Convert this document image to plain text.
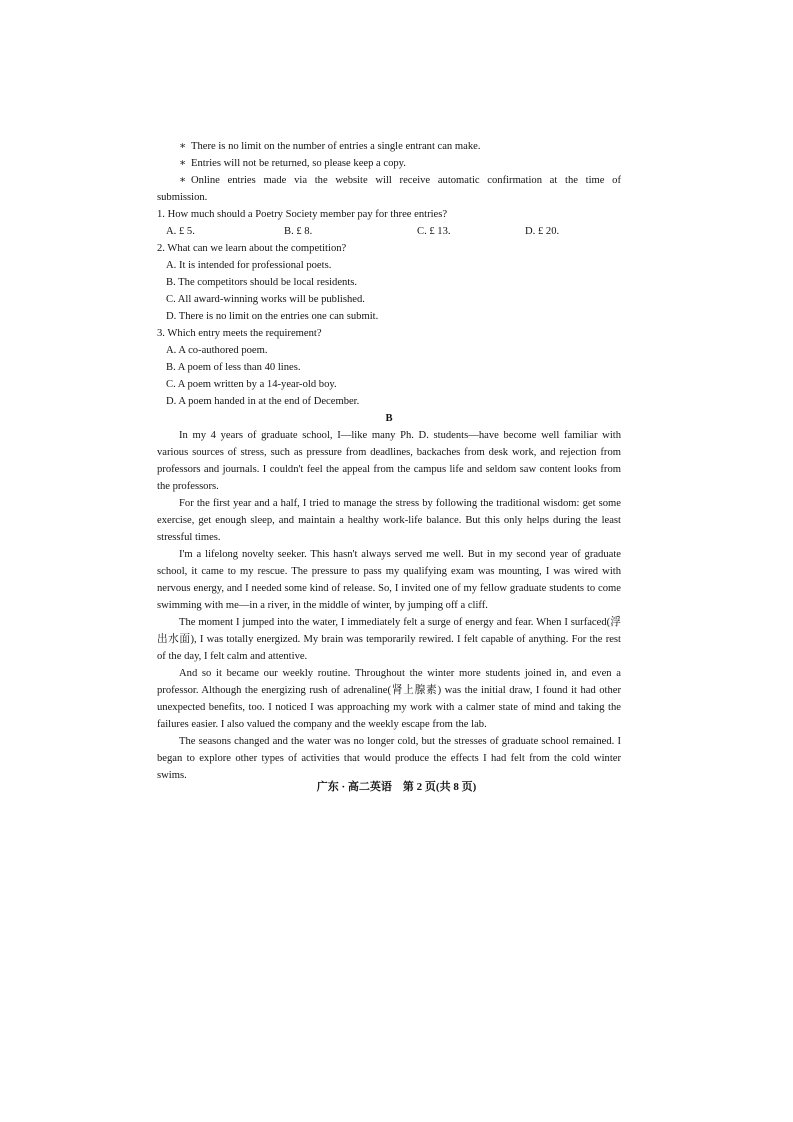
∗ There is no limit on the number of entries a single entrant can make.
∗ Entries will not be returned, so please keep a copy.
∗ Online entries made via the website will receive automatic confirmation at the time of
submission.
1. How much should a Poetry Society member pay for three entries?
A. £ 5.	B. £ 8.	C. £ 13.	D. £ 20.
2. What can we learn about the competition?
A. It is intended for professional poets.
B. The competitors should be local residents.
C. All award-winning works will be published.
D. There is no limit on the entries one can submit.
3. Which entry meets the requirement?
A. A co-authored poem.
B. A poem of less than 40 lines.
C. A poem written by a 14-year-old boy.
D. A poem handed in at the end of December.
B

In my 4 years of graduate school, I—like many Ph. D. students—have become well familiar with various sources of stress, such as pressure from deadlines, backaches from desk work, and rejection from professors and journals. I couldn't feel the appeal from the campus life and seldom saw content looks from the professors.

For the first year and a half, I tried to manage the stress by following the traditional wisdom: get some exercise, get enough sleep, and maintain a healthy work-life balance. But this only helps during the least stressful times.

I'm a lifelong novelty seeker. This hasn't always served me well. But in my second year of graduate school, it came to my rescue. The pressure to pass my qualifying exam was mounting, I was wired with nervous energy, and I needed some kind of release. So, I invited one of my fellow graduate students to come swimming with me—in a river, in the middle of winter, by jumping off a cliff.

The moment I jumped into the water, I immediately felt a surge of energy and fear. When I surfaced(浮出水面), I was totally energized. My brain was temporarily rewired. I felt capable of anything. For the rest of the day, I felt calm and attentive.

And so it became our weekly routine. Throughout the winter more students joined in, and even a professor. Although the energizing rush of adrenaline(肾上腺素) was the initial draw, I found it had other unexpected benefits, too. I noticed I was approaching my work with a calmer state of mind and taking the failures easier. I also valued the company and the weekly escape from the lab.

The seasons changed and the water was no longer cold, but the stresses of graduate school remained. I began to explore other types of activities that would produce the effects I had felt from the cold winter swims.

广东 · 高二英语　第 2 页(共 8 页)
